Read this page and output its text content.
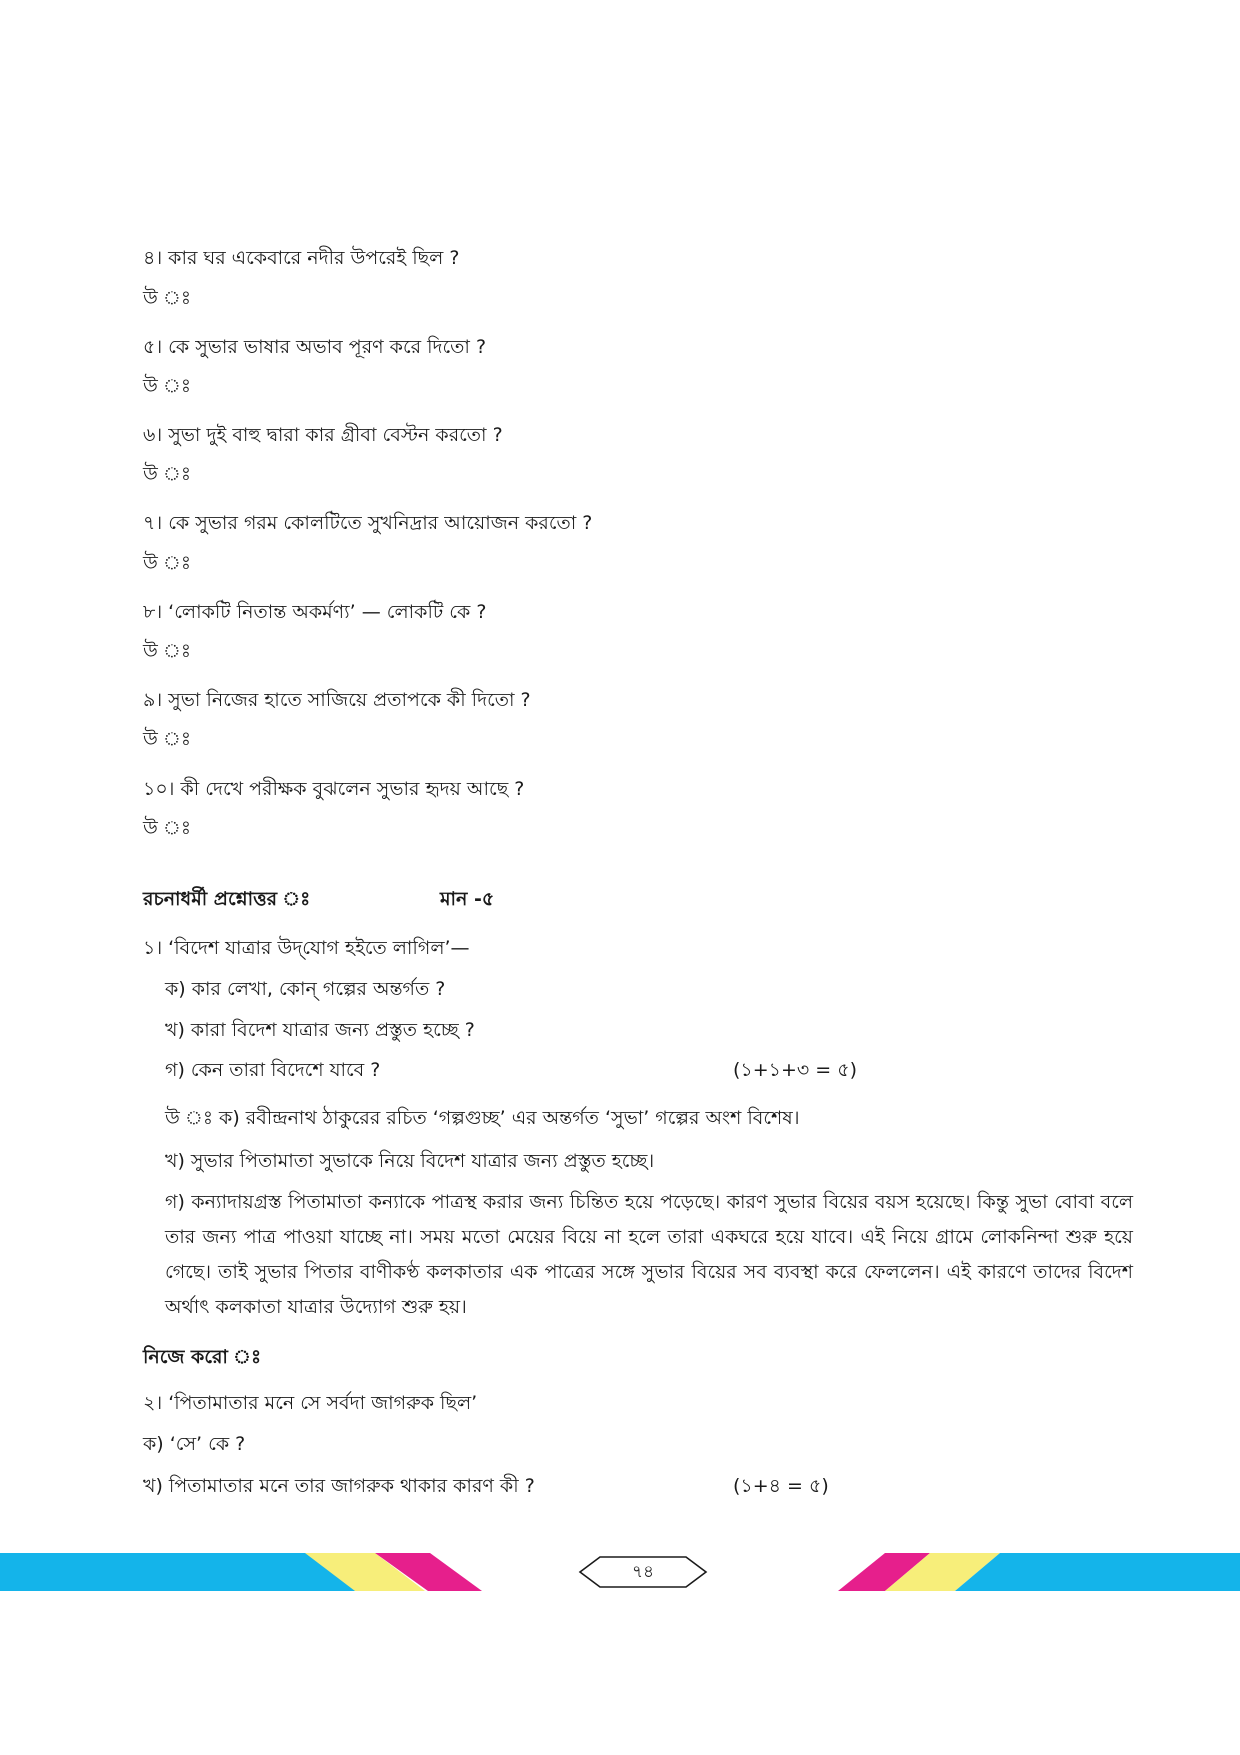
৪। কার ঘর একেবারে নদীর উপরেই ছিল ?
উ ঃ
৫। কে সুভার ভাষার অভাব পূরণ করে দিতো ?
উ ঃ
৬। সুভা দুই বাহু দ্বারা কার গ্রীবা বেস্টন করতো ?
উ ঃ
৭। কে সুভার গরম কোলটিতে সুখনিদ্রার আয়োজন করতো ?
উ ঃ
৮। ‘লোকটি নিতান্ত অকর্মণ্য’ — লোকটি কে ?
উ ঃ
৯। সুভা নিজের হাতে সাজিয়ে প্রতাপকে কী দিতো ?
উ ঃ
১০। কী দেখে পরীক্ষক বুঝলেন সুভার হৃদয় আছে ?
উ ঃ
রচনাধর্মী প্রশ্নোত্তর ঃ	মান -৫
১। ‘বিদেশ যাত্রার উদ্‌যোগ হইতে লাগিল’—
ক) কার লেখা, কোন্ গল্পের অন্তর্গত ?
খ) কারা বিদেশ যাত্রার জন্য প্রস্তুত হচ্ছে ?
গ) কেন তারা বিদেশে যাবে ?	(১+১+৩ = ৫)
উ ঃ ক) রবীন্দ্রনাথ ঠাকুরের রচিত ‘গল্পগুচ্ছ’ এর অন্তর্গত ‘সুভা’ গল্পের অংশ বিশেষ।
খ) সুভার পিতামাতা সুভাকে নিয়ে বিদেশ যাত্রার জন্য প্রস্তুত হচ্ছে।
গ) কন্যাদায়গ্রস্ত পিতামাতা কন্যাকে পাত্রস্থ করার জন্য চিন্তিত হয়ে পড়েছে। কারণ সুভার বিয়ের বয়স হয়েছে। কিন্তু সুভা বোবা বলে তার জন্য পাত্র পাওয়া যাচ্ছে না। সময় মতো মেয়ের বিয়ে না হলে তারা একঘরে হয়ে যাবে। এই নিয়ে গ্রামে লোকনিন্দা শুরু হয়ে গেছে। তাই সুভার পিতার বাণীকণ্ঠ কলকাতার এক পাত্রের সঙ্গে সুভার বিয়ের সব ব্যবস্থা করে ফেললেন। এই কারণে তাদের বিদেশ অর্থাৎ কলকাতা যাত্রার উদ্যোগ শুরু হয়।
নিজে করো ঃ
২। ‘পিতামাতার মনে সে সর্বদা জাগরুক ছিল’
ক) ‘সে’ কে ?
খ) পিতামাতার মনে তার জাগরুক থাকার কারণ কী ?	(১+৪ = ৫)
৭৪
